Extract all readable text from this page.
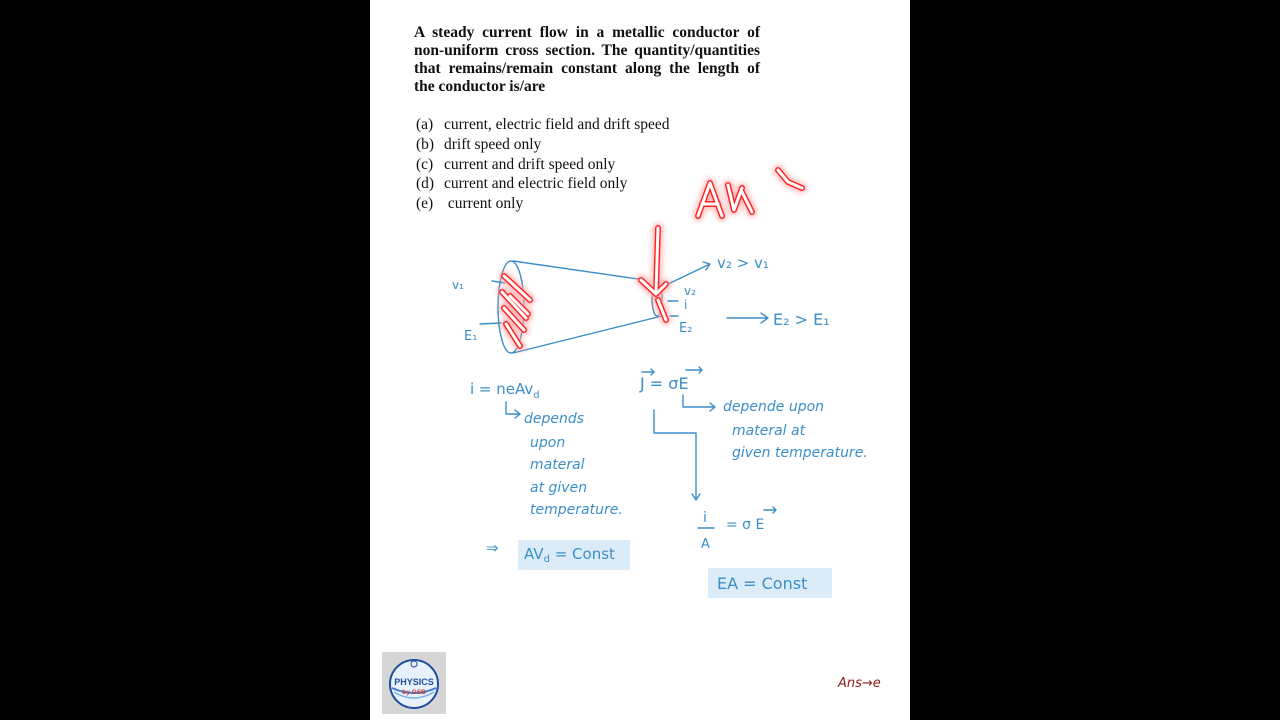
A steady current flow in a metallic conductor of non-uniform cross section. The quantity/quantities that remains/remain constant along the length of the conductor is/are

(a) current, electric field and drift speed
(b) drift speed only
(c) current and drift speed only
(d) current and electric field only
(e) current only
v₁
E₁
v₂
i
E₂
v₂ > v₁
E₂ > E₁
i = neAv$_d$
depends
upon
materal
at given
temperature.
J = σE
depende upon
materal at
given temperature.
i
A
= σ E
⇒ $AV_d$ = Const
EA = Const
PHYSICS
by GSB
Ans→e
